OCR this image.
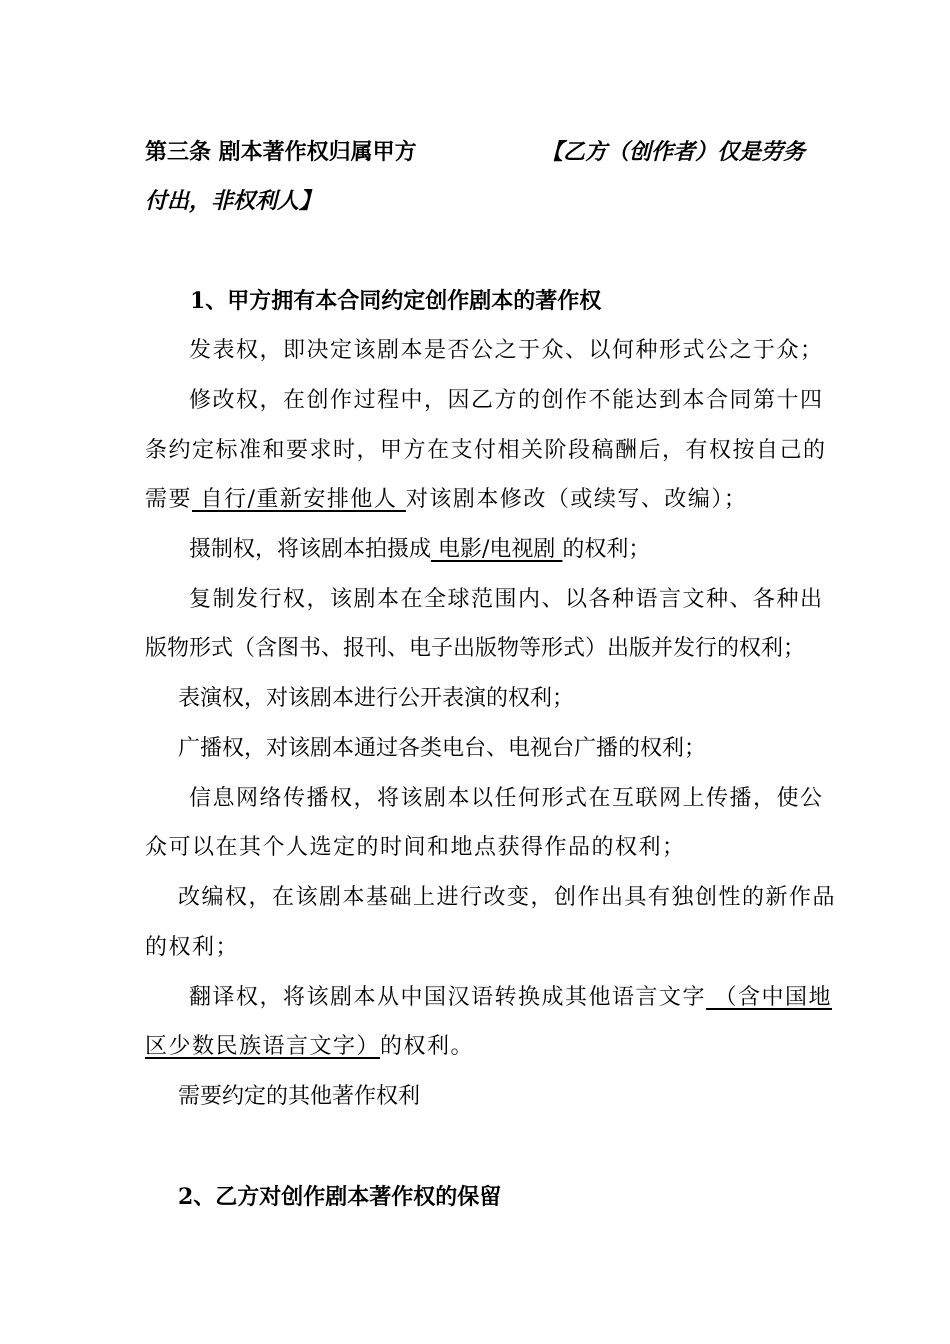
第三条 剧本著作权归属甲方	【乙方（创作者）仅是劳务
付出，非权利人】
1、甲方拥有本合同约定创作剧本的著作权
发表权，即决定该剧本是否公之于众、以何种形式公之于众；
修改权，在创作过程中，因乙方的创作不能达到本合同第十四
条约定标准和要求时，甲方在支付相关阶段稿酬后，有权按自己的
需要 自行/重新安排他人 对该剧本修改（或续写、改编）；
摄制权，将该剧本拍摄成 电影/电视剧 的权利；
复制发行权，该剧本在全球范围内、以各种语言文种、各种出
版物形式（含图书、报刊、电子出版物等形式）出版并发行的权利；
表演权，对该剧本进行公开表演的权利；
广播权，对该剧本通过各类电台、电视台广播的权利；
信息网络传播权，将该剧本以任何形式在互联网上传播，使公
众可以在其个人选定的时间和地点获得作品的权利；
改编权，在该剧本基础上进行改变，创作出具有独创性的新作品
的权利；
翻译权，将该剧本从中国汉语转换成其他语言文字 （含中国地
区少数民族语言文字）的权利。
需要约定的其他著作权利
2、乙方对创作剧本著作权的保留
